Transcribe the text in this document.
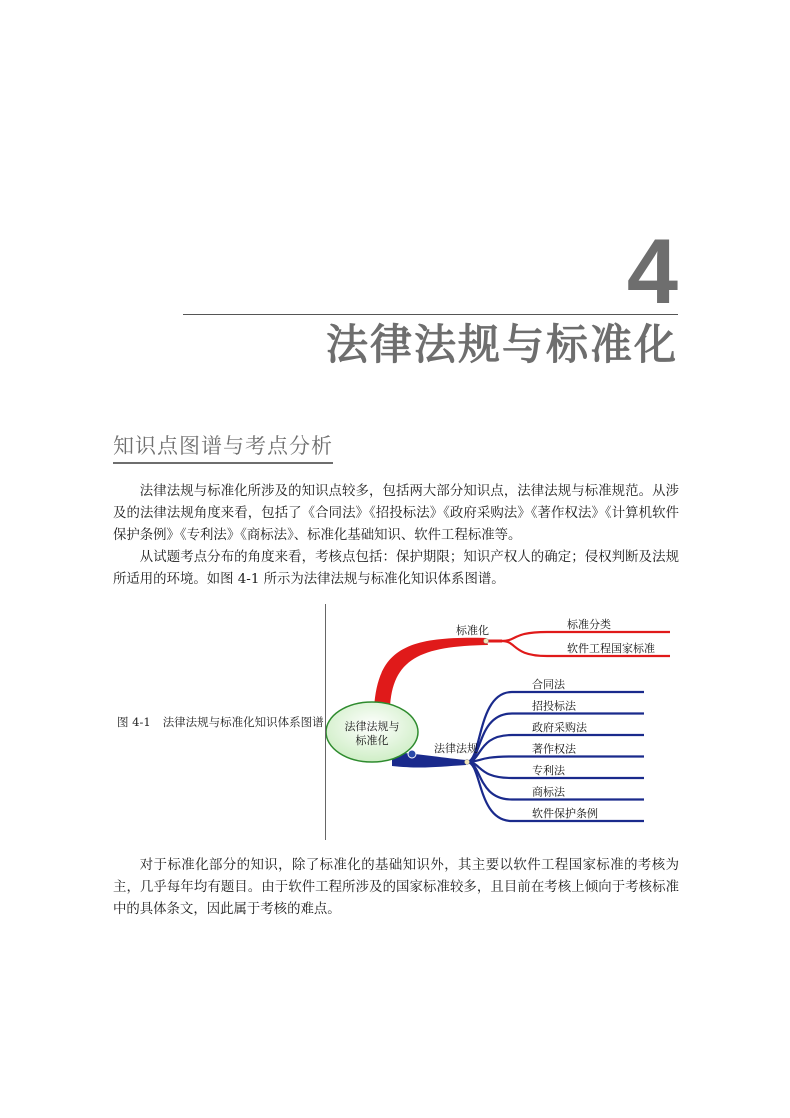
4
法律法规与标准化
知识点图谱与考点分析

法律法规与标准化所涉及的知识点较多，包括两大部分知识点，法律法规与标准规范。从涉及的法律法规角度来看，包括了《合同法》《招投标法》《政府采购法》《著作权法》《计算机软件保护条例》《专利法》《商标法》、标准化基础知识、软件工程标准等。

从试题考点分布的角度来看，考核点包括：保护期限；知识产权人的确定；侵权判断及法规所适用的环境。如图 4-1 所示为法律法规与标准化知识体系图谱。

图 4-1 法律法规与标准化知识体系图谱
标准分类
软件工程国家标准
合同法
招投标法
政府采购法
著作权法
专利法
商标法
软件保护条例
法律法规与
标准化
标准化
法律法规

对于标准化部分的知识，除了标准化的基础知识外，其主要以软件工程国家标准的考核为主，几乎每年均有题目。由于软件工程所涉及的国家标准较多，且目前在考核上倾向于考核标准中的具体条文，因此属于考核的难点。
